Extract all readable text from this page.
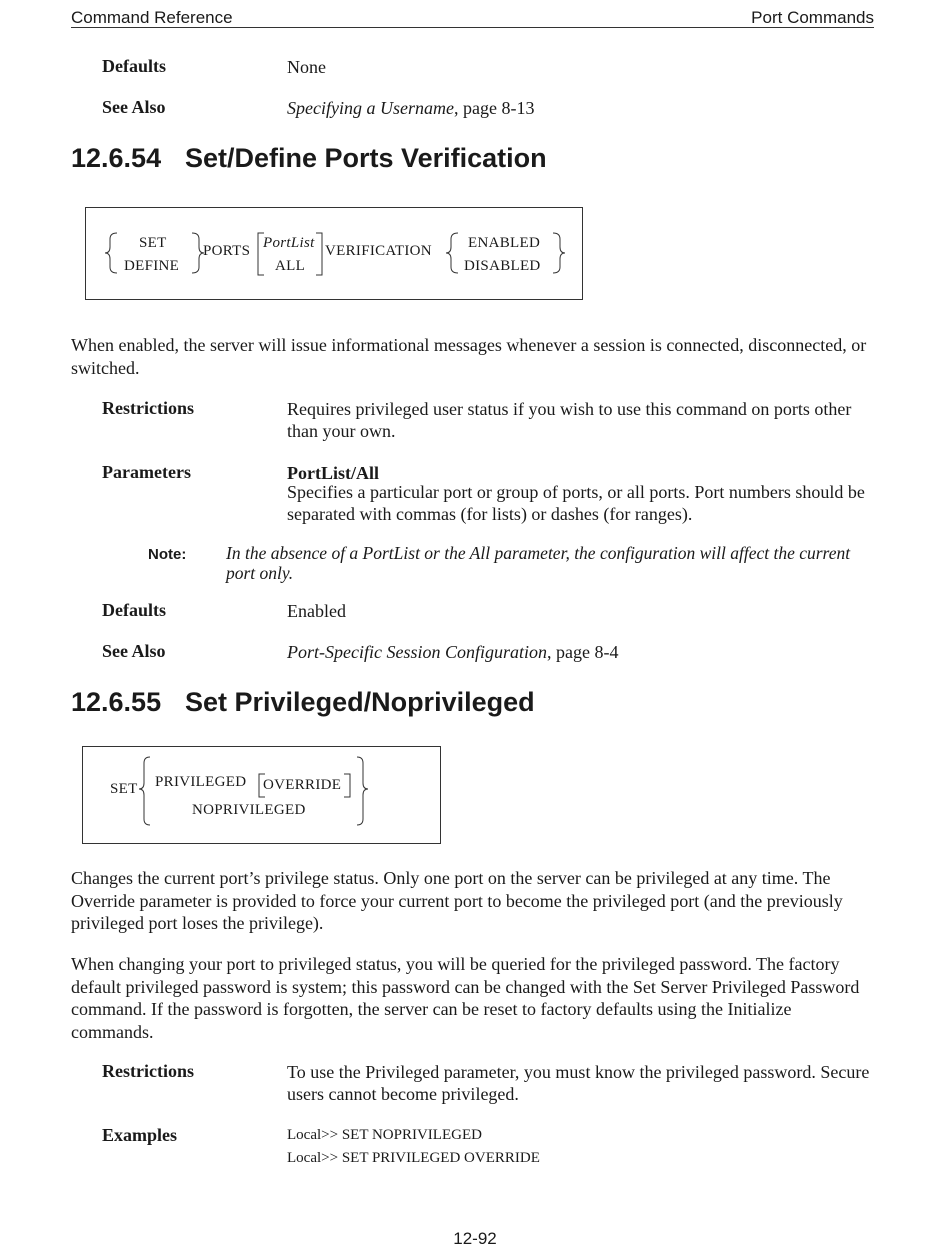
Command Reference	Port Commands
Defaults	None
See Also	Specifying a Username, page 8-13
12.6.54 Set/Define Ports Verification
SET
DEFINE
PORTS PortList
ALL
VERIFICATION ENABLED
DISABLED
When enabled, the server will issue informational messages whenever a session is connected, disconnected, or switched.
Restrictions	Requires privileged user status if you wish to use this command on ports other than your own.
Parameters	PortList/All
Specifies a particular port or group of ports, or all ports. Port numbers should be separated with commas (for lists) or dashes (for ranges).
Note: In the absence of a PortList or the All parameter, the configuration will affect the current port only.
Defaults	Enabled
See Also	Port-Specific Session Configuration, page 8-4
12.6.55 Set Privileged/Noprivileged
SET PRIVILEGED OVERRIDE
NOPRIVILEGED
Changes the current port’s privilege status. Only one port on the server can be privileged at any time. The Override parameter is provided to force your current port to become the privileged port (and the previously privileged port loses the privilege).
When changing your port to privileged status, you will be queried for the privileged password. The factory default privileged password is system; this password can be changed with the Set Server Privileged Password command. If the password is forgotten, the server can be reset to factory defaults using the Initialize commands.
Restrictions	To use the Privileged parameter, you must know the privileged password. Secure users cannot become privileged.
Examples	Local>> SET NOPRIVILEGED
Local>> SET PRIVILEGED OVERRIDE
12-92
